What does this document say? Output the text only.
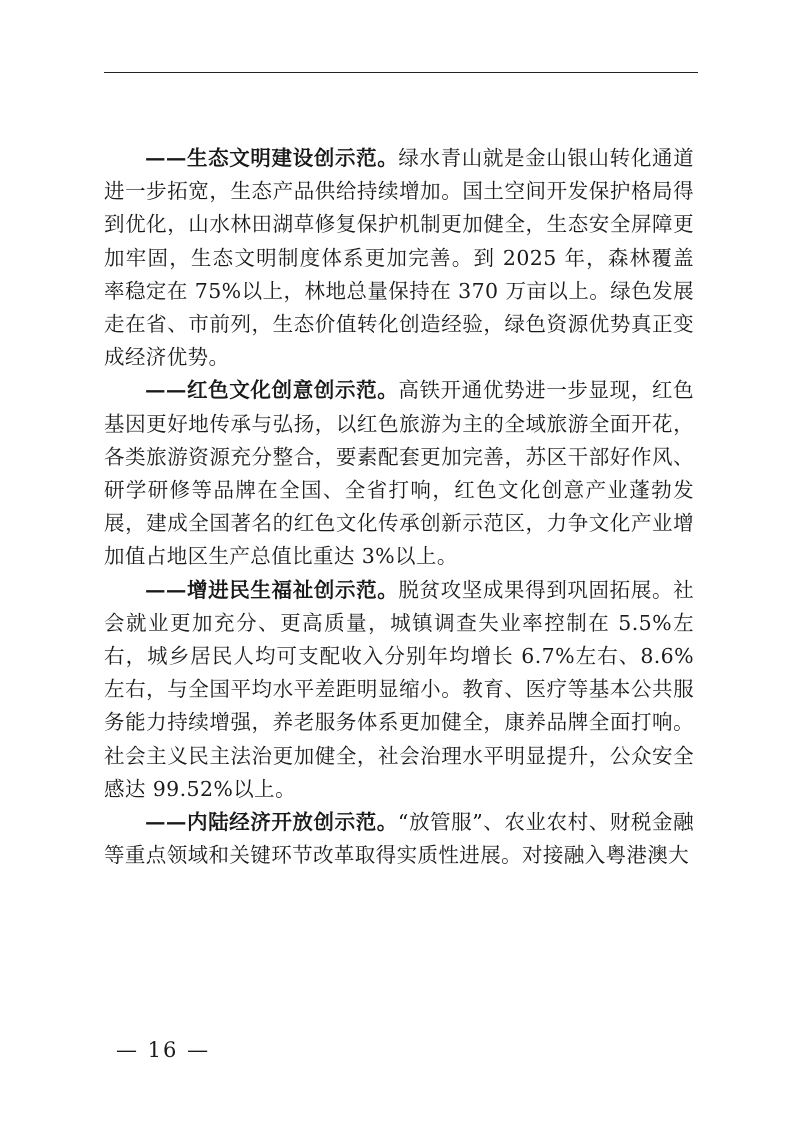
——生态文明建设创示范。绿水青山就是金山银山转化通道进一步拓宽，生态产品供给持续增加。国土空间开发保护格局得到优化，山水林田湖草修复保护机制更加健全，生态安全屏障更加牢固，生态文明制度体系更加完善。到 2025 年，森林覆盖率稳定在 75%以上，林地总量保持在 370 万亩以上。绿色发展走在省、市前列，生态价值转化创造经验，绿色资源优势真正变成经济优势。

——红色文化创意创示范。高铁开通优势进一步显现，红色基因更好地传承与弘扬，以红色旅游为主的全域旅游全面开花，各类旅游资源充分整合，要素配套更加完善，苏区干部好作风、研学研修等品牌在全国、全省打响，红色文化创意产业蓬勃发展，建成全国著名的红色文化传承创新示范区，力争文化产业增加值占地区生产总值比重达 3%以上。

——增进民生福祉创示范。脱贫攻坚成果得到巩固拓展。社会就业更加充分、更高质量，城镇调查失业率控制在 5.5%左右，城乡居民人均可支配收入分别年均增长 6.7%左右、8.6%左右，与全国平均水平差距明显缩小。教育、医疗等基本公共服务能力持续增强，养老服务体系更加健全，康养品牌全面打响。社会主义民主法治更加健全，社会治理水平明显提升，公众安全感达 99.52%以上。

——内陆经济开放创示范。“放管服”、农业农村、财税金融等重点领域和关键环节改革取得实质性进展。对接融入粤港澳大

— 16 —
